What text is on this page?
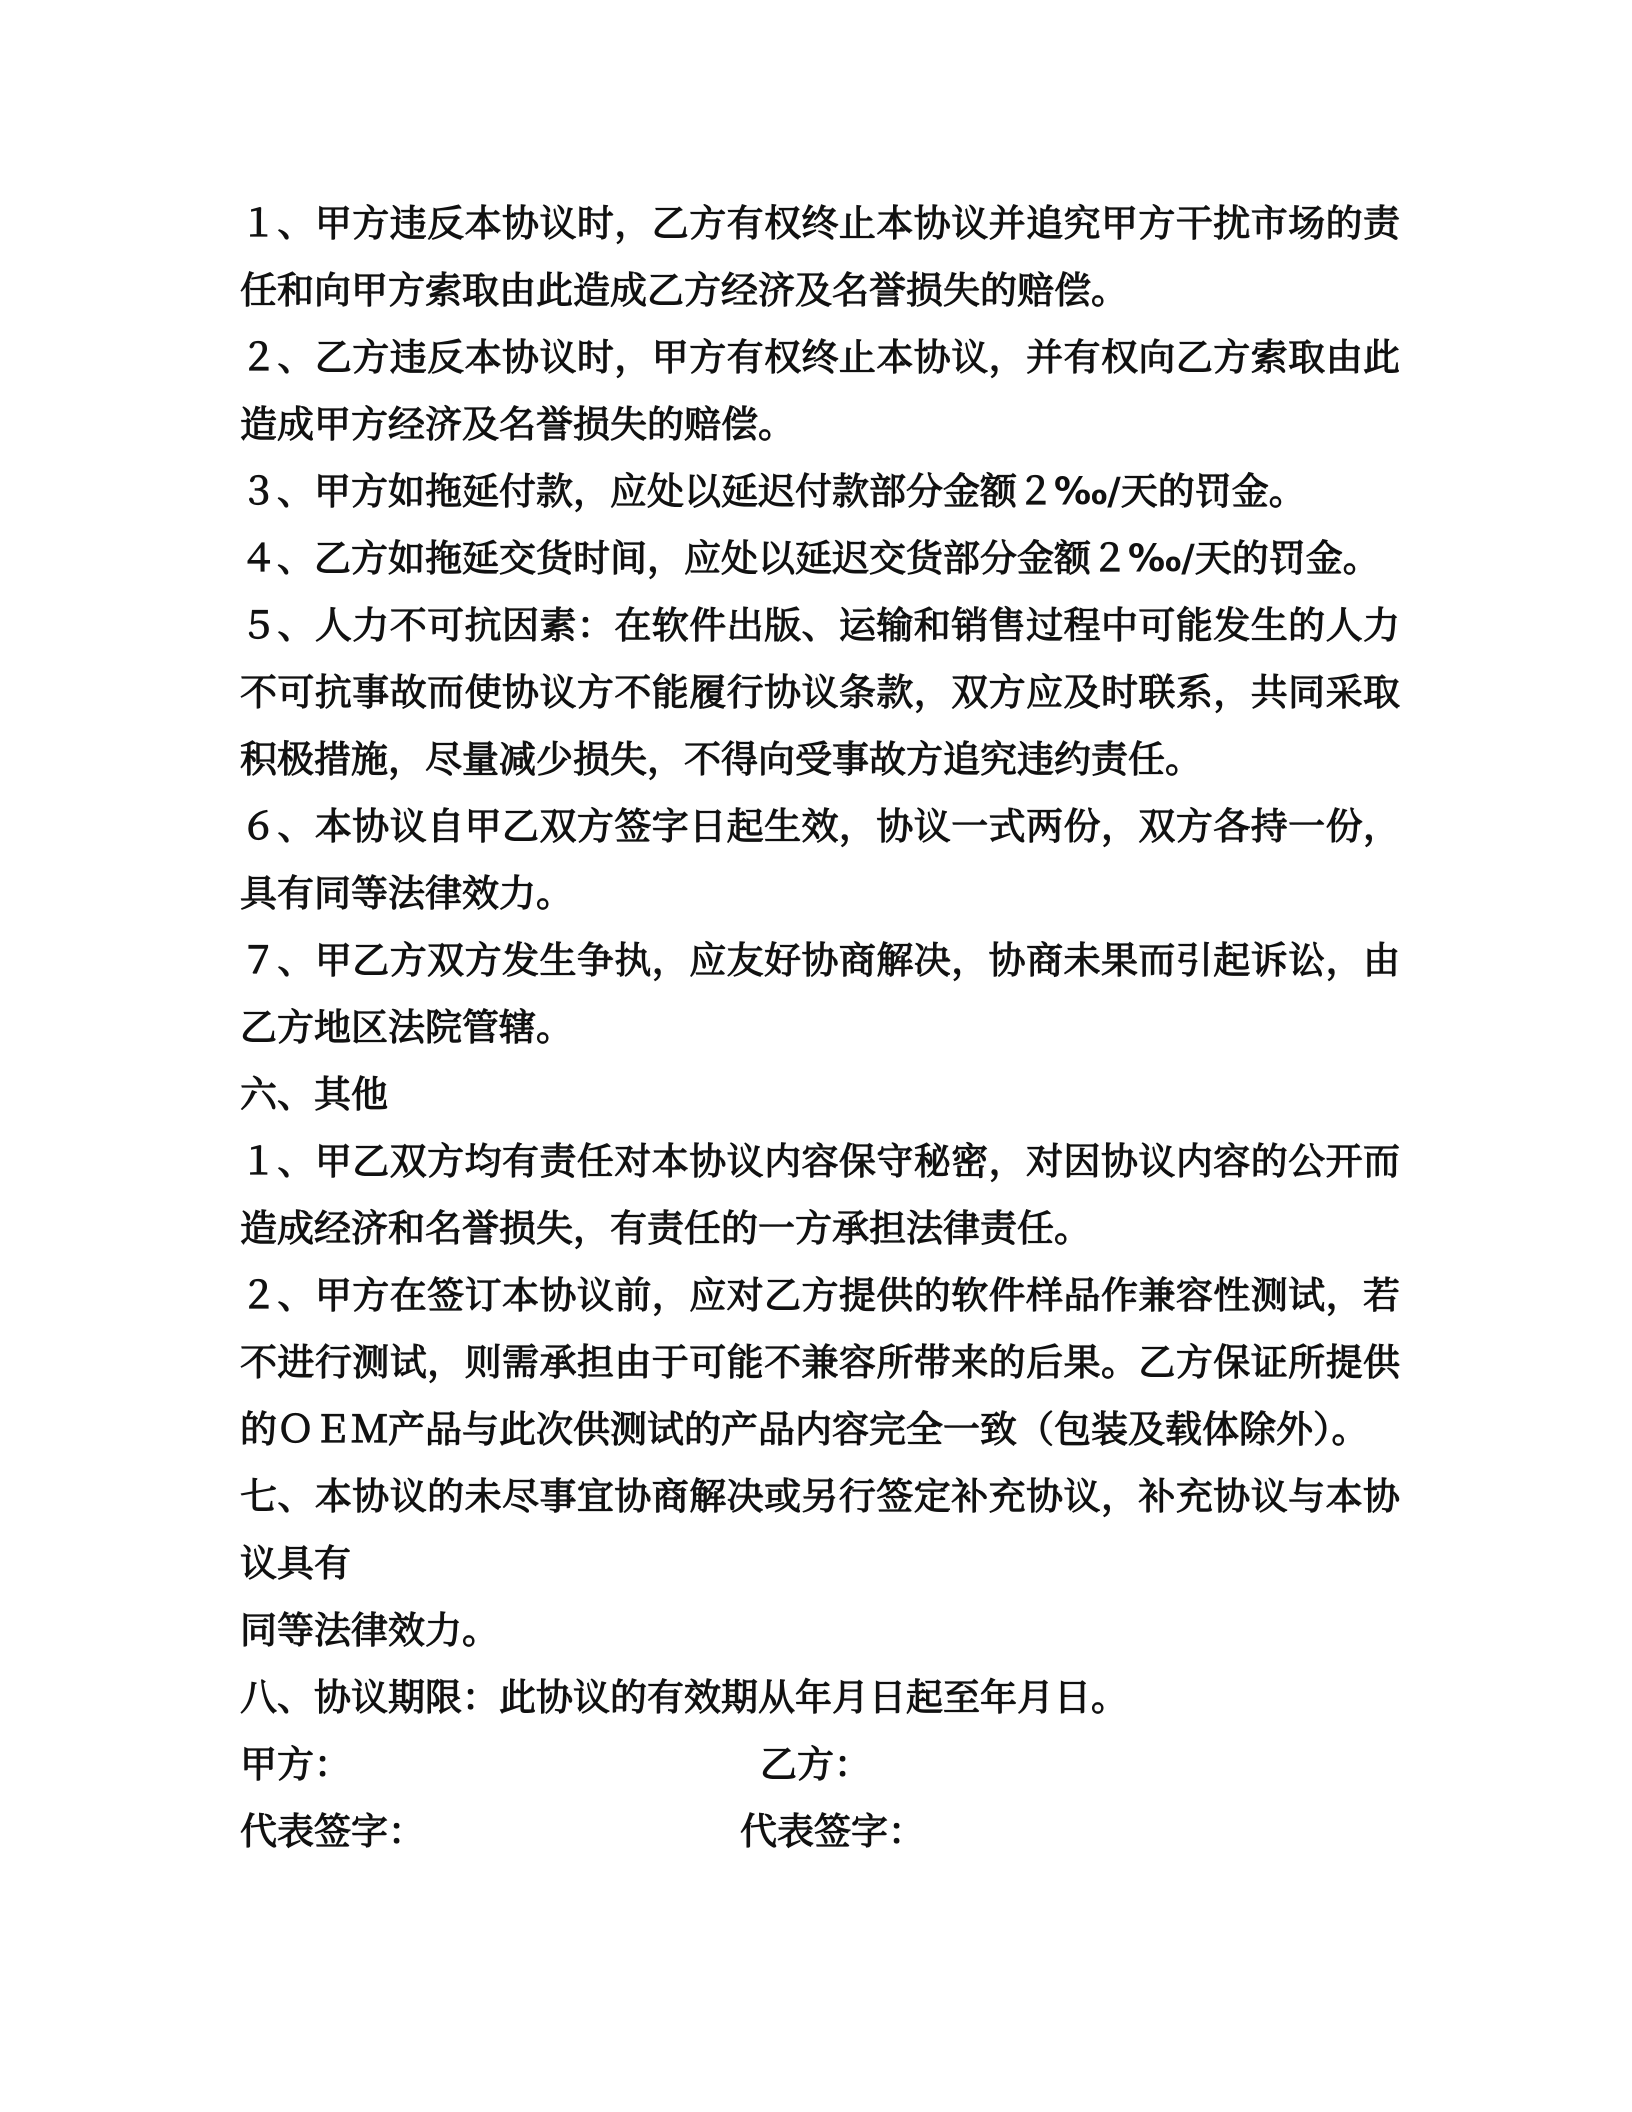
１、甲方违反本协议时，乙方有权终止本协议并追究甲方干扰市场的责任和向甲方索取由此造成乙方经济及名誉损失的赔偿。

２、乙方违反本协议时，甲方有权终止本协议，并有权向乙方索取由此造成甲方经济及名誉损失的赔偿。

３、甲方如拖延付款，应处以延迟付款部分金额２‰/天的罚金。

４、乙方如拖延交货时间，应处以延迟交货部分金额２‰/天的罚金。

５、人力不可抗因素：在软件出版、运输和销售过程中可能发生的人力不可抗事故而使协议方不能履行协议条款，双方应及时联系，共同采取积极措施，尽量减少损失，不得向受事故方追究违约责任。

６、本协议自甲乙双方签字日起生效，协议一式两份，双方各持一份，具有同等法律效力。

７、甲乙方双方发生争执，应友好协商解决，协商未果而引起诉讼，由乙方地区法院管辖。

六、其他

１、甲乙双方均有责任对本协议内容保守秘密，对因协议内容的公开而造成经济和名誉损失，有责任的一方承担法律责任。

２、甲方在签订本协议前，应对乙方提供的软件样品作兼容性测试，若不进行测试，则需承担由于可能不兼容所带来的后果。乙方保证所提供的ＯＥＭ产品与此次供测试的产品内容完全一致（包装及载体除外）。

七、本协议的未尽事宜协商解决或另行签定补充协议，补充协议与本协议具有

同等法律效力。

八、协议期限：此协议的有效期从年月日起至年月日。

甲方：	乙方：
代表签字：	代表签字：
